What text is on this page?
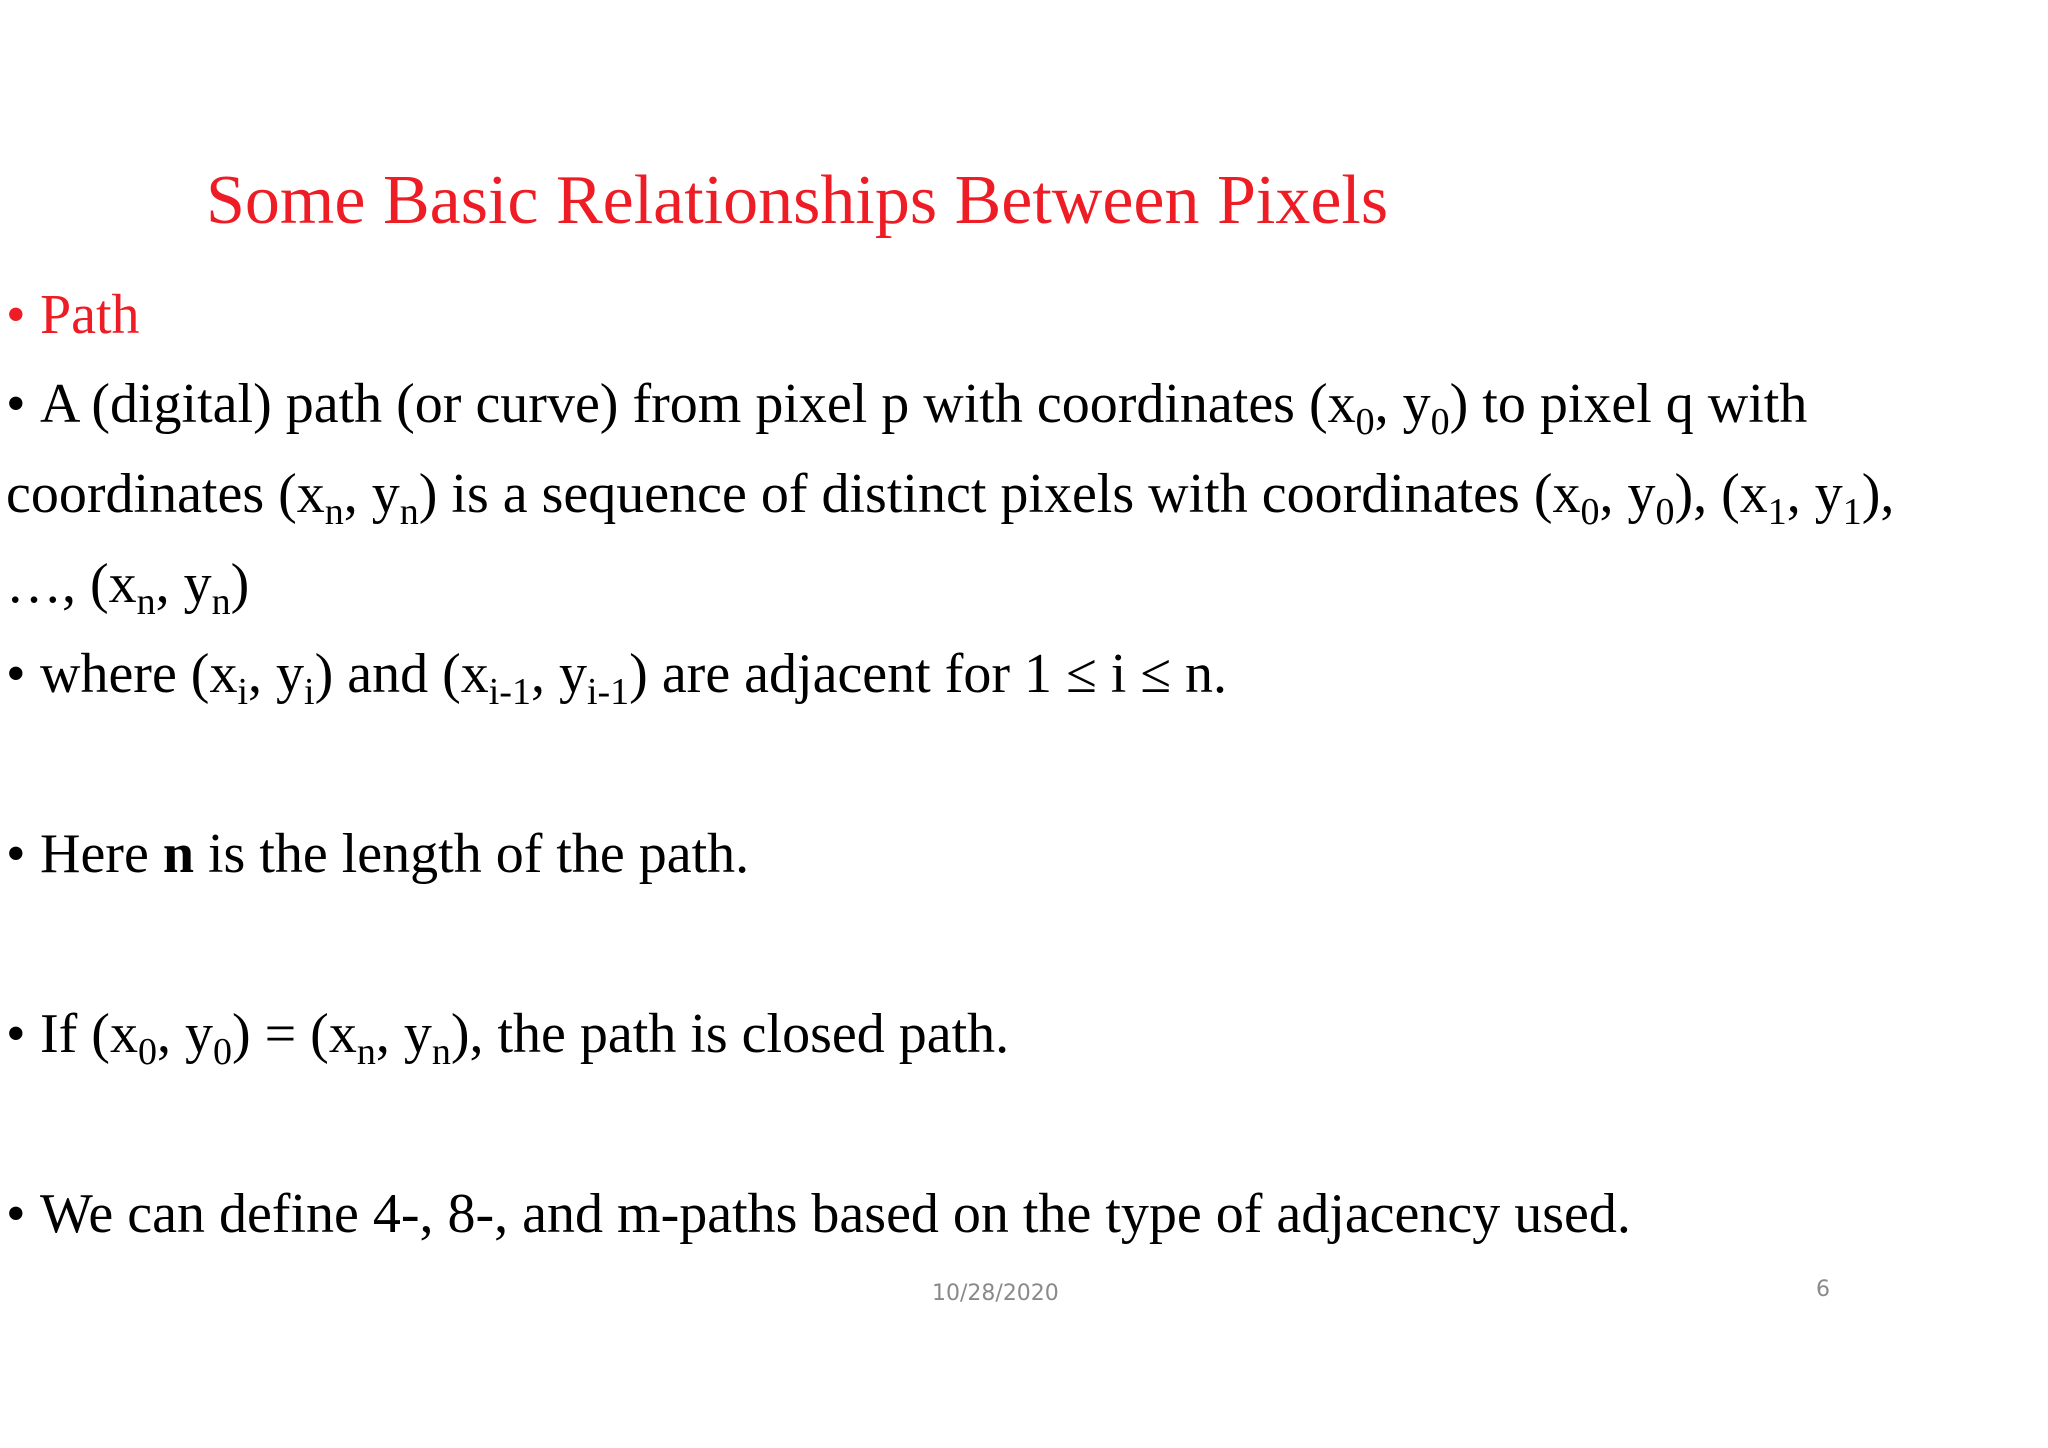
Some Basic Relationships Between Pixels
• Path
• A (digital) path (or curve) from pixel p with coordinates ($x_0$, $y_0$) to pixel q with
coordinates ($x_n$, $y_n$) is a sequence of distinct pixels with coordinates ($x_0$, $y_0$), ($x_1$, $y_1$),
…, ($x_n$, $y_n$)
• where ($x_i$, $y_i$) and ($x_{i-1}$, $y_{i-1}$) are adjacent for 1 ≤ i ≤ n.
• Here n is the length of the path.
• If ($x_0$, $y_0) = (x_n$, $y_n$), the path is closed path.
• We can define 4-, 8-, and m-paths based on the type of adjacency used.
10/28/2020	6
